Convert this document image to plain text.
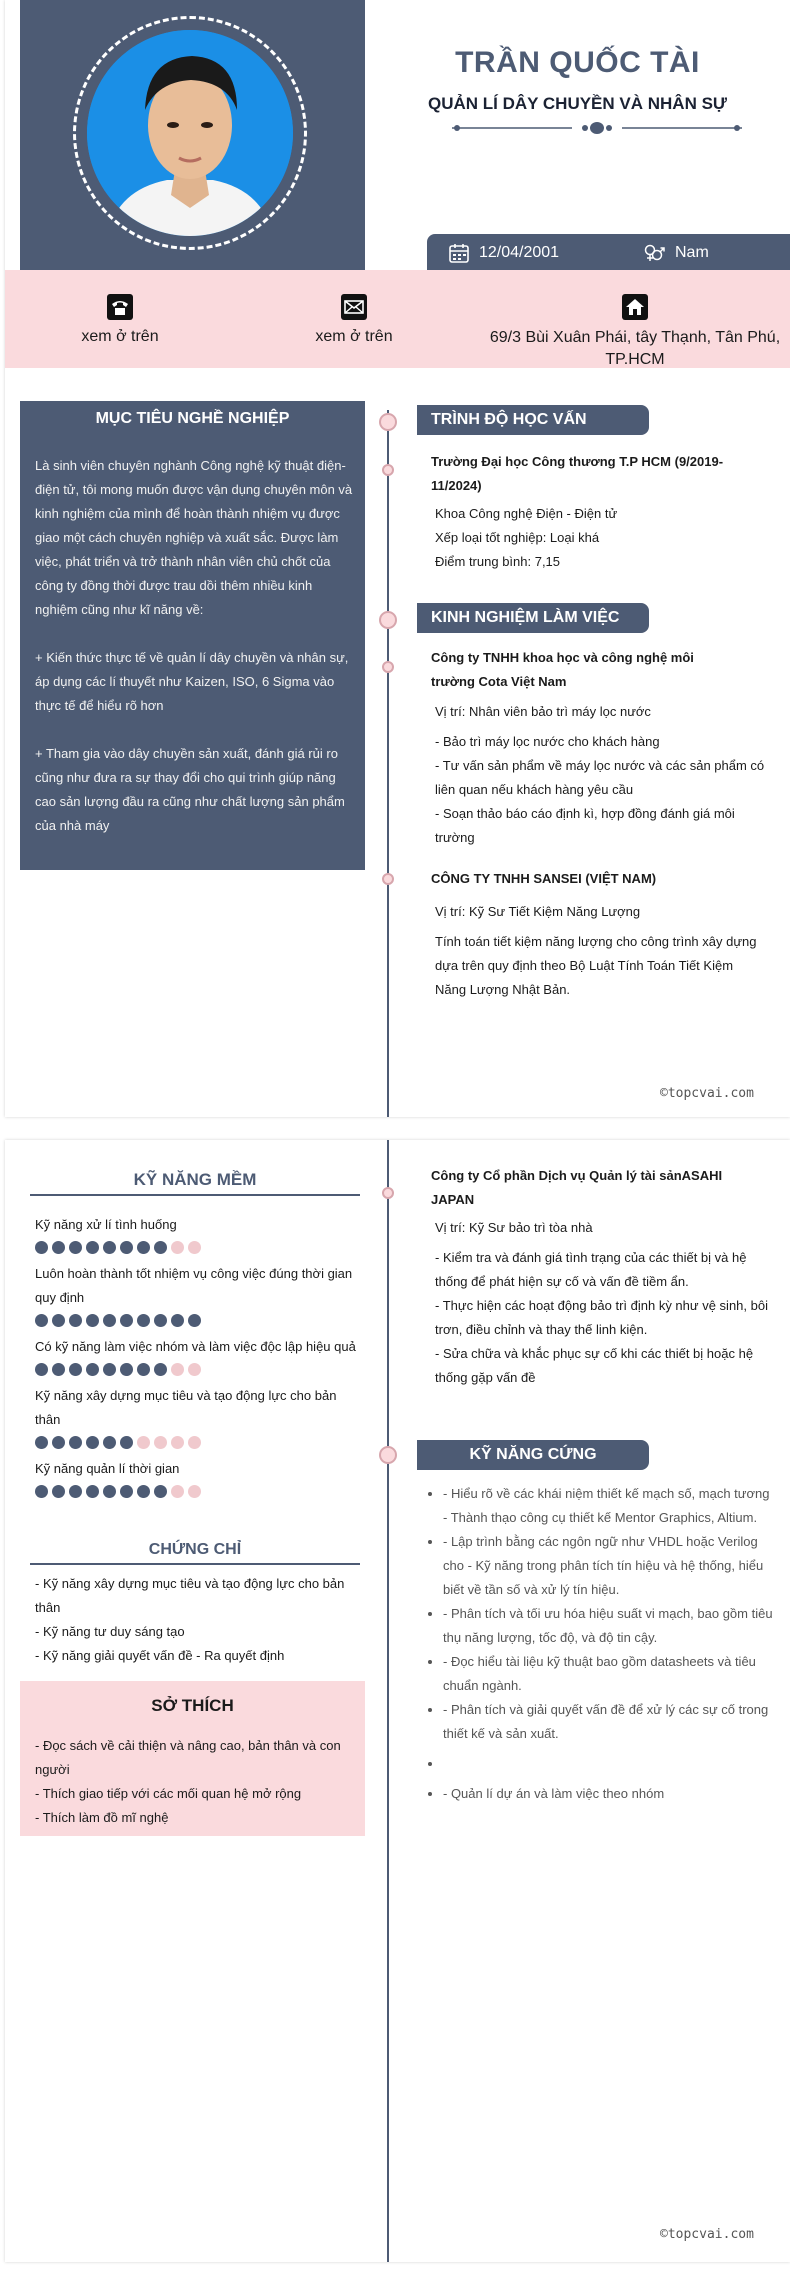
TRẦN QUỐC TÀI
QUẢN LÍ DÂY CHUYỀN VÀ NHÂN SỰ
12/04/2001	Nam

xem ở trên	xem ở trên	69/3 Bùi Xuân Phái, tây Thạnh, Tân Phú, TP.HCM
MỤC TIÊU NGHỀ NGHIỆP

Là sinh viên chuyên nghành Công nghệ kỹ thuật điện-điện tử, tôi mong muốn được vận dụng chuyên môn và kinh nghiệm của mình để hoàn thành nhiệm vụ được giao một cách chuyên nghiệp và xuất sắc. Được làm việc, phát triển và trở thành nhân viên chủ chốt của công ty đồng thời được trau dồi thêm nhiều kinh nghiệm cũng như kĩ năng về:

+ Kiến thức thực tế về quản lí dây chuyền và nhân sự, áp dụng các lí thuyết như Kaizen, ISO, 6 Sigma vào thực tế để hiểu rõ hơn

+ Tham gia vào dây chuyền sản xuất, đánh giá rủi ro cũng như đưa ra sự thay đổi cho qui trình giúp năng cao sản lượng đầu ra cũng như chất lượng sản phẩm của nhà máy

TRÌNH ĐỘ HỌC VẤN
Trường Đại học Công thương T.P HCM (9/2019-11/2024)
Khoa Công nghệ Điện - Điện tử
Xếp loại tốt nghiệp: Loại khá
Điểm trung bình: 7,15
KINH NGHIỆM LÀM VIỆC
Công ty TNHH khoa học và công nghệ môi trường Cota Việt Nam
Vị trí: Nhân viên bảo trì máy lọc nước
- Bảo trì máy lọc nước cho khách hàng
- Tư vấn sản phẩm về máy lọc nước và các sản phẩm có liên quan nếu khách hàng yêu cầu
- Soạn thảo báo cáo định kì, hợp đồng đánh giá môi trường
CÔNG TY TNHH SANSEI (VIỆT NAM)
Vị trí: Kỹ Sư Tiết Kiệm Năng Lượng
Tính toán tiết kiệm năng lượng cho công trình xây dựng dựa trên quy định theo Bộ Luật Tính Toán Tiết Kiệm Năng Lượng Nhật Bản.
©topcvai.com
KỸ NĂNG MỀM
Kỹ năng xử lí tình huống
Luôn hoàn thành tốt nhiệm vụ công việc đúng thời gian quy định
Có kỹ năng làm việc nhóm và làm việc độc lập hiệu quả
Kỹ năng xây dựng mục tiêu và tạo động lực cho bản thân
Kỹ năng quản lí thời gian
CHỨNG CHỈ
- Kỹ năng xây dựng mục tiêu và tạo động lực cho bản thân
- Kỹ năng tư duy sáng tạo
- Kỹ năng giải quyết vấn đề - Ra quyết định
SỞ THÍCH
- Đọc sách về cải thiện và nâng cao, bản thân và con người
- Thích giao tiếp với các mối quan hệ mở rộng
- Thích làm đồ mĩ nghệ
Công ty Cổ phần Dịch vụ Quản lý tài sảnASAHI JAPAN
Vị trí: Kỹ Sư bảo trì tòa nhà
- Kiểm tra và đánh giá tình trạng của các thiết bị và hệ thống để phát hiện sự cố và vấn đề tiềm ẩn.
- Thực hiện các hoạt động bảo trì định kỳ như vệ sinh, bôi trơn, điều chỉnh và thay thế linh kiện.
- Sửa chữa và khắc phục sự cố khi các thiết bị hoặc hệ thống gặp vấn đề
KỸ NĂNG CỨNG
• - Hiểu rõ về các khái niệm thiết kế mạch số, mạch tương - Thành thạo công cụ thiết kế Mentor Graphics, Altium.
• - Lập trình bằng các ngôn ngữ như VHDL hoặc Verilog cho - Kỹ năng trong phân tích tín hiệu và hệ thống, hiểu biết về tần số và xử lý tín hiệu.
• - Phân tích và tối ưu hóa hiệu suất vi mạch, bao gồm tiêu thụ năng lượng, tốc độ, và độ tin cậy.
• - Đọc hiểu tài liệu kỹ thuật bao gồm datasheets và tiêu chuẩn ngành.
• - Phân tích và giải quyết vấn đề để xử lý các sự cố trong thiết kế và sản xuất.
•
• - Quản lí dự án và làm việc theo nhóm
©topcvai.com
